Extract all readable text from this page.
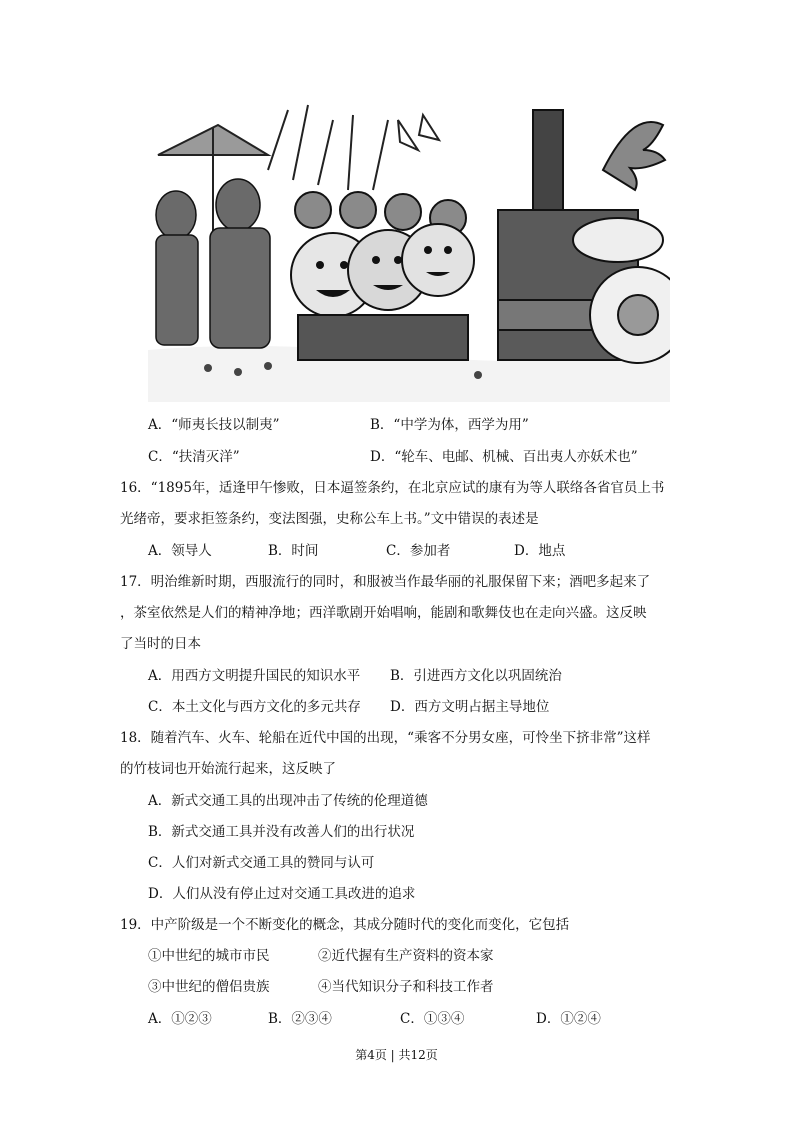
A．“师夷长技以制夷”	B．“中学为体，西学为用”
C．“扶清灭洋”	D．“轮车、电邮、机械、百出夷人亦妖术也”
16．“1895年，适逢甲午惨败，日本逼签条约，在北京应试的康有为等人联络各省官员上书
光绪帝，要求拒签条约，变法图强，史称公车上书。”文中错误的表述是
A．领导人	B．时间	C．参加者	D．地点
17．明治维新时期，西服流行的同时，和服被当作最华丽的礼服保留下来；酒吧多起来了
，茶室依然是人们的精神净地；西洋歌剧开始唱响，能剧和歌舞伎也在走向兴盛。这反映
了当时的日本
A．用西方文明提升国民的知识水平 B．引进西方文化以巩固统治
C．本土文化与西方文化的多元共存 D．西方文明占据主导地位
18．随着汽车、火车、轮船在近代中国的出现，“乘客不分男女座，可怜坐下挤非常”这样
的竹枝词也开始流行起来，这反映了
A．新式交通工具的出现冲击了传统的伦理道德
B．新式交通工具并没有改善人们的出行状况
C．人们对新式交通工具的赞同与认可
D．人们从没有停止过对交通工具改进的追求
19．中产阶级是一个不断变化的概念，其成分随时代的变化而变化，它包括
①中世纪的城市市民	②近代握有生产资料的资本家
③中世纪的僧侣贵族	④当代知识分子和科技工作者
A．①②③	B．②③④	C．①③④	D．①②④
第4页 | 共12页
